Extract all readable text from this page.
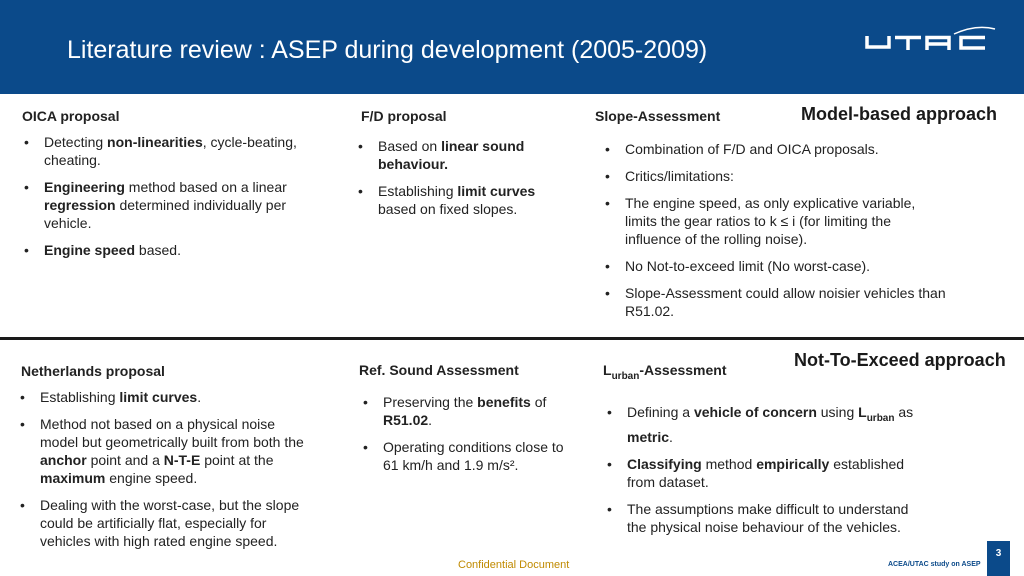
Literature review : ASEP during development (2005-2009)
Model-based approach
OICA proposal
• Detecting non-linearities, cycle-beating, cheating.
• Engineering method based on a linear regression determined individually per vehicle.
• Engine speed based.
F/D proposal
• Based on linear sound behaviour.
• Establishing limit curves based on fixed slopes.
Slope-Assessment
• Combination of F/D and OICA proposals.
• Critics/limitations:
• The engine speed, as only explicative variable, limits the gear ratios to k ≤ i (for limiting the influence of the rolling noise).
• No Not-to-exceed limit (No worst-case).
• Slope-Assessment could allow noisier vehicles than R51.02.
Not-To-Exceed approach
Netherlands proposal
• Establishing limit curves.
• Method not based on a physical noise model but geometrically built from both the anchor point and a N-T-E point at the maximum engine speed.
• Dealing with the worst-case, but the slope could be artificially flat, especially for vehicles with high rated engine speed.
Ref. Sound Assessment
• Preserving the benefits of R51.02.
• Operating conditions close to 61 km/h and 1.9 m/s².
$L_{urban}$-Assessment
• Defining a vehicle of concern using $L_{urban}$ as metric.
• Classifying method empirically established from dataset.
• The assumptions make difficult to understand the physical noise behaviour of the vehicles.
Confidential Document	ACEA/UTAC study on ASEP
3
